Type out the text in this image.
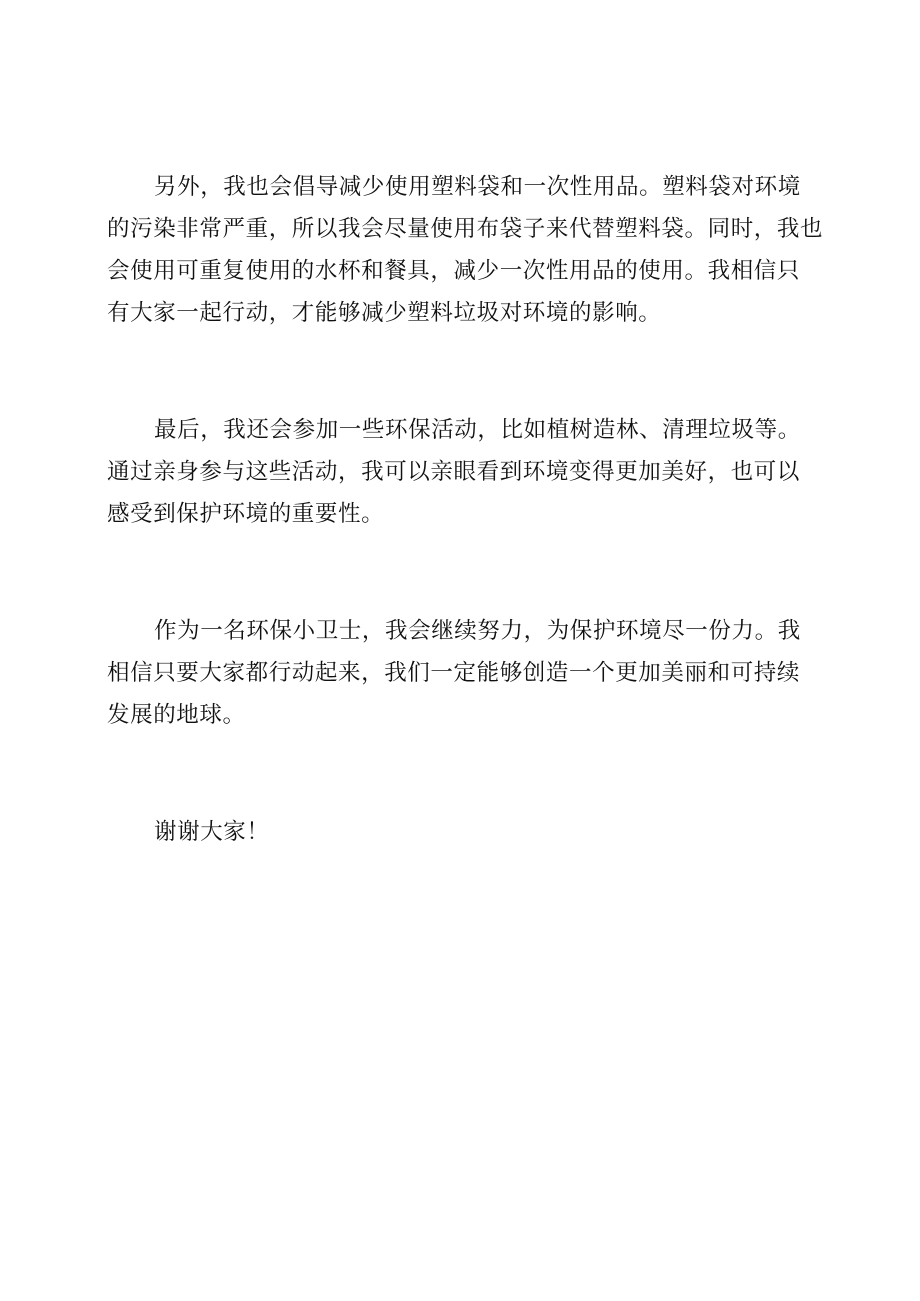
另外，我也会倡导减少使用塑料袋和一次性用品。塑料袋对环境
的污染非常严重，所以我会尽量使用布袋子来代替塑料袋。同时，我也
会使用可重复使用的水杯和餐具，减少一次性用品的使用。我相信只
有大家一起行动，才能够减少塑料垃圾对环境的影响。

最后，我还会参加一些环保活动，比如植树造林、清理垃圾等。
通过亲身参与这些活动，我可以亲眼看到环境变得更加美好，也可以
感受到保护环境的重要性。

作为一名环保小卫士，我会继续努力，为保护环境尽一份力。我
相信只要大家都行动起来，我们一定能够创造一个更加美丽和可持续
发展的地球。

谢谢大家！
